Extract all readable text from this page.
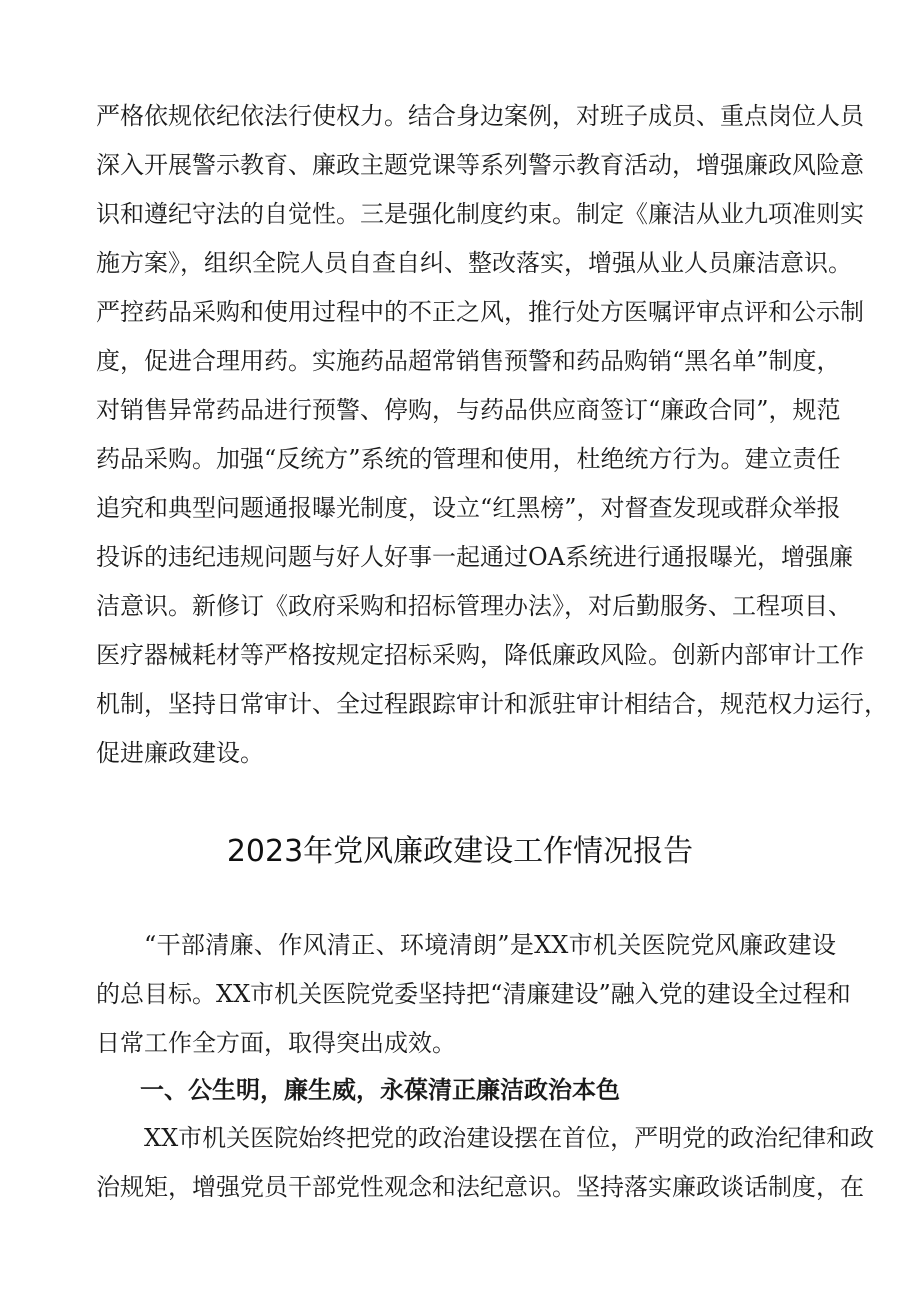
严格依规依纪依法行使权力。结合身边案例，对班子成员、重点岗位人员
深入开展警示教育、廉政主题党课等系列警示教育活动，增强廉政风险意
识和遵纪守法的自觉性。三是强化制度约束。制定《廉洁从业九项准则实
施方案》，组织全院人员自查自纠、整改落实，增强从业人员廉洁意识。
严控药品采购和使用过程中的不正之风，推行处方医嘱评审点评和公示制
度，促进合理用药。实施药品超常销售预警和药品购销“黑名单”制度，
对销售异常药品进行预警、停购，与药品供应商签订“廉政合同”，规范
药品采购。加强“反统方”系统的管理和使用，杜绝统方行为。建立责任
追究和典型问题通报曝光制度，设立“红黑榜”，对督查发现或群众举报
投诉的违纪违规问题与好人好事一起通过OA系统进行通报曝光，增强廉
洁意识。新修订《政府采购和招标管理办法》，对后勤服务、工程项目、
医疗器械耗材等严格按规定招标采购，降低廉政风险。创新内部审计工作
机制，坚持日常审计、全过程跟踪审计和派驻审计相结合，规范权力运行，
促进廉政建设。
2023年党风廉政建设工作情况报告
“干部清廉、作风清正、环境清朗”是XX市机关医院党风廉政建设
的总目标。XX市机关医院党委坚持把“清廉建设”融入党的建设全过程和
日常工作全方面，取得突出成效。
一、公生明，廉生威，永葆清正廉洁政治本色
XX市机关医院始终把党的政治建设摆在首位，严明党的政治纪律和政
治规矩，增强党员干部党性观念和法纪意识。坚持落实廉政谈话制度，在
